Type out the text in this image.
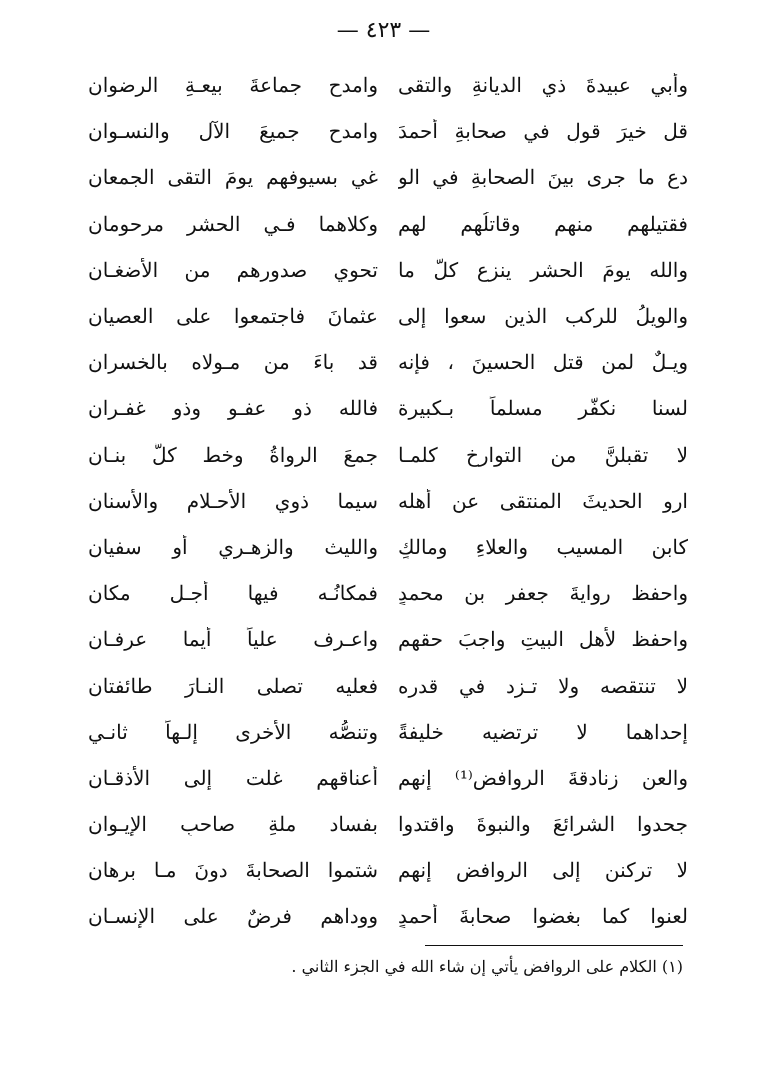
— ٤٢٣ —
وأبي عبيدةَ ذي الديانةِ والتقى
وامدح جماعةَ بيعـةِ الرضوان
قل خيرَ قولٍ في صحابةِ أحمدَ
وامدح جميعَ الآلِ والنسـوان
دع ما جرى بينَ الصحابةِ في الو
غي بسيوفهم يومَ التقى الجمعان
فقتيلهم منهم وقاتلُهم لهم
وكلاهما فـي الحشر مرحومان
والله يومَ الحشر ينزع كلَّ ما
تحوي صدورهم من الأضغـان
والويلُ للركب الذين سعوا إلى
عثمانَ فاجتمعوا على العصيان
ويـلٌ لمن قتل الحسينَ ، فإنه
قد باءَ من مـولاه بالخسران
لسنا نكفّر مسلماً بـكبيرة
فالله ذو عفـو وذو غفـران
لا تقبلنَّ من التوارخ كلمـا
جمعَ الرواةُ وخط كلُّ بنـان
ارو الحديثَ المنتقى عن أهله
سيما ذوي الأحـلام والأسنان
كابن المسيب والعلاءِ ومالكٍ
والليث والزهـري أو سفيان
واحفظ روايةَ جعفرِ بنِ محمدٍ
فمكانُـه فيها أجـل مكان
واحفظ لأهل البيتِ واجبَ حقهم
واعـرف علياً أيما عرفـان
لا تنتقصه ولا تـزد في قدره
فعليه تصلى النـارَ طائفتان
إحداهما لا ترتضيه خليفةً
وتنصُّه الأخرى إلـهاً ثانـي
والعن زنادقةَ الروافضِ⁽¹⁾ إنهم
أعناقهم غلت إلى الأذقـان
جحدوا الشرائعَ والنبوةَ واقتدوا
بفساد ملةِ صاحبِ الإيـوان
لا تركنن إلى الروافضِ إنهم
شتموا الصحابةَ دونَ مـا برهان
لعنوا كما بغضوا صحابةَ أحمدٍ
ووداهم فرضٌ على الإنسـان
(١) الكلام على الروافض يأتي إن شاء الله في الجزء الثاني .
